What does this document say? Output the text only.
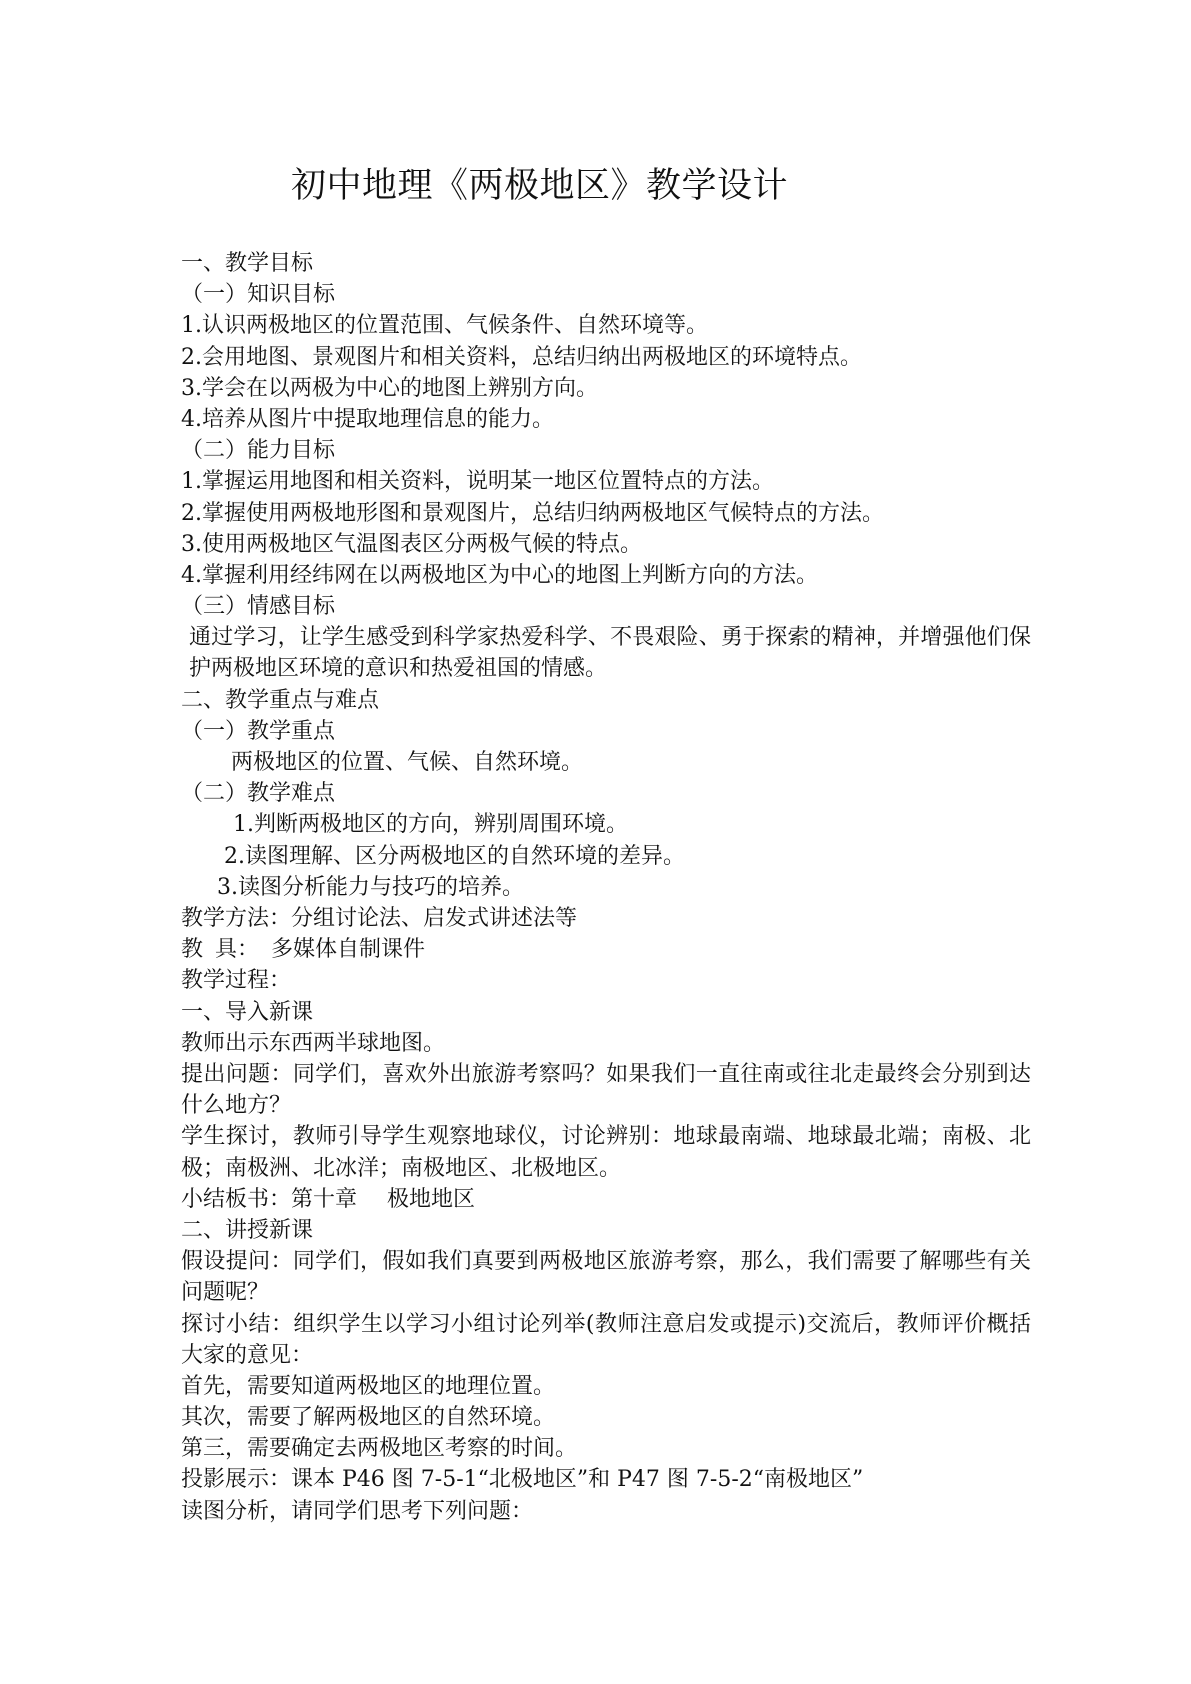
初中地理《两极地区》教学设计
一、教学目标
（一）知识目标
1.认识两极地区的位置范围、气候条件、自然环境等。
2.会用地图、景观图片和相关资料，总结归纳出两极地区的环境特点。
3.学会在以两极为中心的地图上辨别方向。
4.培养从图片中提取地理信息的能力。
（二）能力目标
1.掌握运用地图和相关资料，说明某一地区位置特点的方法。
2.掌握使用两极地形图和景观图片，总结归纳两极地区气候特点的方法。
3.使用两极地区气温图表区分两极气候的特点。
4.掌握利用经纬网在以两极地区为中心的地图上判断方向的方法。
（三）情感目标
通过学习，让学生感受到科学家热爱科学、不畏艰险、勇于探索的精神，并增强他们保护两极地区环境的意识和热爱祖国的情感。
二、教学重点与难点
（一）教学重点
两极地区的位置、气候、自然环境。
（二）教学难点
1.判断两极地区的方向，辨别周围环境。
2.读图理解、区分两极地区的自然环境的差异。
3.读图分析能力与技巧的培养。
教学方法：分组讨论法、启发式讲述法等
教 具： 多媒体自制课件
教学过程：
一、导入新课
教师出示东西两半球地图。
提出问题：同学们，喜欢外出旅游考察吗？如果我们一直往南或往北走最终会分别到达什么地方？
学生探讨，教师引导学生观察地球仪，讨论辨别：地球最南端、地球最北端；南极、北极；南极洲、北冰洋；南极地区、北极地区。
小结板书：第十章 极地地区
二、讲授新课
假设提问：同学们，假如我们真要到两极地区旅游考察，那么，我们需要了解哪些有关问题呢？
探讨小结：组织学生以学习小组讨论列举(教师注意启发或提示)交流后，教师评价概括大家的意见：
首先，需要知道两极地区的地理位置。
其次，需要了解两极地区的自然环境。
第三，需要确定去两极地区考察的时间。
投影展示：课本 P46 图 7-5-1“北极地区”和 P47 图 7-5-2“南极地区”
读图分析，请同学们思考下列问题：
